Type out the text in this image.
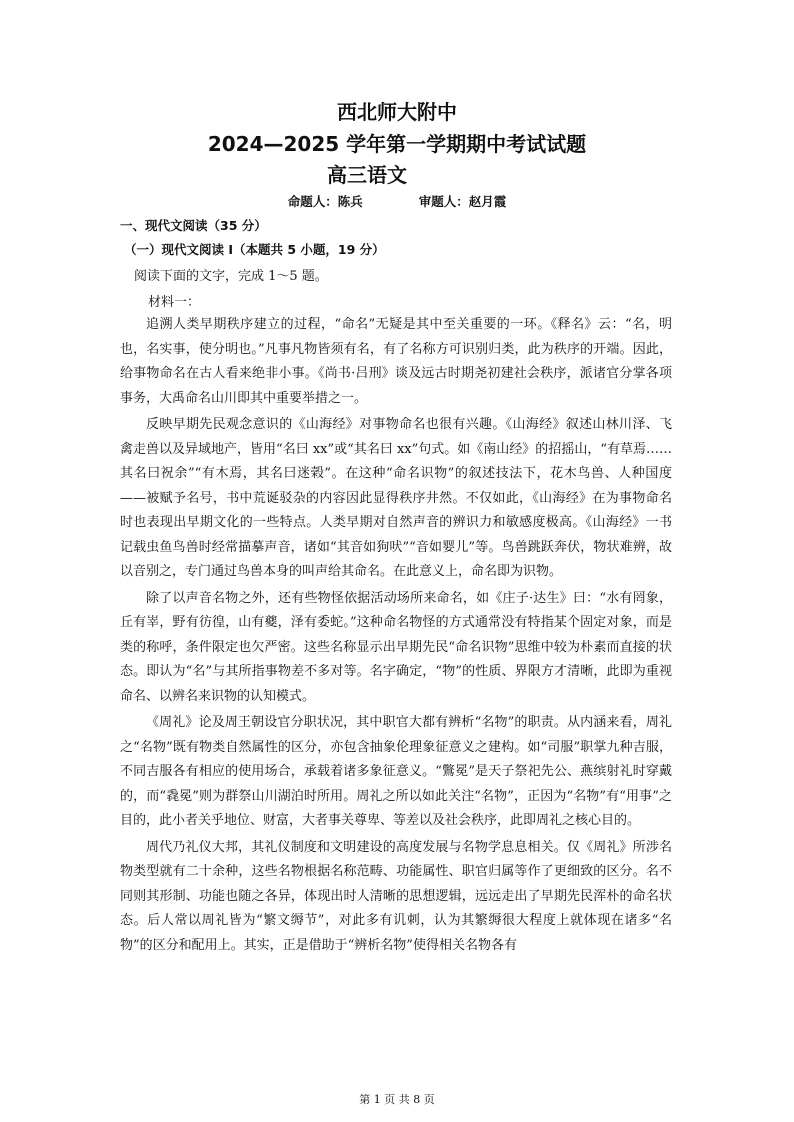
西北师大附中
2024—2025 学年第一学期期中考试试题
高三语文
命题人：陈兵	审题人：赵月霞
一、现代文阅读（35 分）
（一）现代文阅读 I（本题共 5 小题，19 分）
阅读下面的文字，完成 1～5 题。
材料一：

追溯人类早期秩序建立的过程，“命名”无疑是其中至关重要的一环。《释名》云：“名，明也，名实事，使分明也。”凡事凡物皆须有名，有了名称方可识别归类，此为秩序的开端。因此，给事物命名在古人看来绝非小事。《尚书·吕刑》谈及远古时期尧初建社会秩序，派诸官分掌各项事务，大禹命名山川即其中重要举措之一。

反映早期先民观念意识的《山海经》对事物命名也很有兴趣。《山海经》叙述山林川泽、飞禽走兽以及异域地产，皆用“名曰 xx”或“其名曰 xx”句式。如《南山经》的招摇山，“有草焉……其名曰祝余”“有木焉，其名曰迷榖”。在这种“命名识物”的叙述技法下，花木鸟兽、人种国度——被赋予名号，书中荒诞驳杂的内容因此显得秩序井然。不仅如此，《山海经》在为事物命名时也表现出早期文化的一些特点。人类早期对自然声音的辨识力和敏感度极高。《山海经》一书记载虫鱼鸟兽时经常描摹声音，诸如“其音如狗吠”“音如婴儿”等。鸟兽跳跃奔伏，物状难辨，故以音别之，专门通过鸟兽本身的叫声给其命名。在此意义上，命名即为识物。

除了以声音名物之外，还有些物怪依据活动场所来命名，如《庄子·达生》曰：“水有罔象，丘有峷，野有彷徨，山有夔，泽有委蛇。”这种命名物怪的方式通常没有特指某个固定对象，而是类的称呼，条件限定也欠严密。这些名称显示出早期先民“命名识物”思维中较为朴素而直接的状态。即认为“名”与其所指事物差不多对等。名字确定，“物”的性质、界限方才清晰，此即为重视命名、以辨名来识物的认知模式。

《周礼》论及周王朝设官分职状况，其中职官大都有辨析“名物”的职责。从内涵来看，周礼之“名物”既有物类自然属性的区分，亦包含抽象伦理象征意义之建构。如“司服”职掌九种吉服，不同吉服各有相应的使用场合，承载着诸多象征意义。“鷩冕”是天子祭祀先公、燕缤射礼时穿戴的，而“毳冕”则为群祭山川湖泊时所用。周礼之所以如此关注“名物”，正因为“名物”有“用事”之目的，此小者关乎地位、财富，大者事关尊卑、等差以及社会秩序，此即周礼之核心目的。

周代乃礼仪大邦，其礼仪制度和文明建设的高度发展与名物学息息相关。仅《周礼》所涉名物类型就有二十余种，这些名物根据名称范畴、功能属性、职官归属等作了更细致的区分。名不同则其形制、功能也随之各异，体现出时人清晰的思想逻辑，远远走出了早期先民浑朴的命名状态。后人常以周礼皆为“繁文缛节”，对此多有讥刺，认为其繁缛很大程度上就体现在诸多“名物”的区分和配用上。其实，正是借助于“辨析名物”使得相关名物各有

第 1 页 共 8 页
